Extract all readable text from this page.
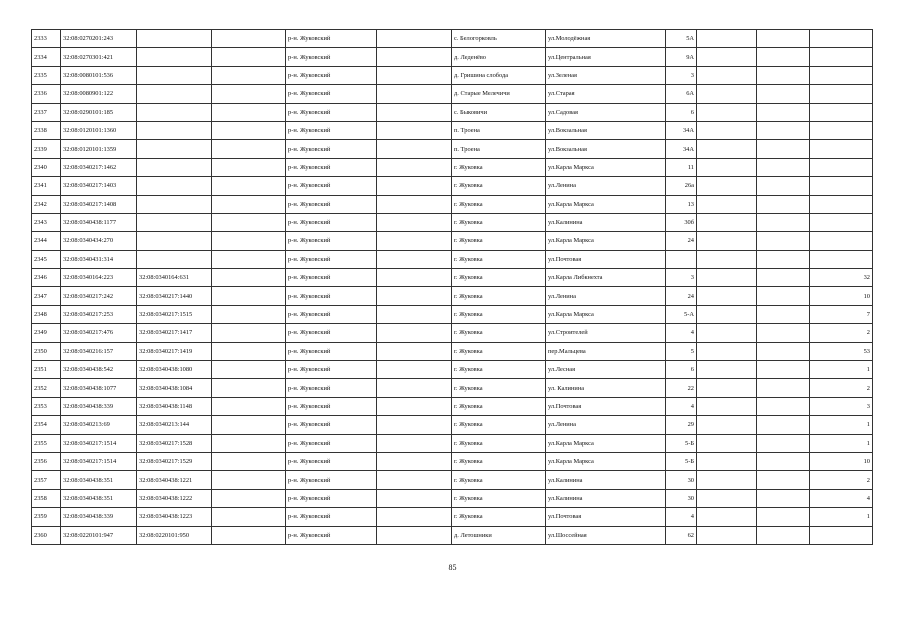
2333	32:08:0270201:243			р-н. Жуковский		с. Белогорковль	ул.Молодёжная	5А			
2334	32:08:0270301:421			р-н. Жуковский		д. Леденёво	ул.Центральная	9А			
2335	32:08:0080101:536			р-н. Жуковский		д. Гришина слобода	ул.Зеленая	3			
2336	32:08:0080901:122			р-н. Жуковский		д. Старые Мелечичи	ул.Старая	6А			
2337	32:08:0290101:185			р-н. Жуковский		с. Быковичи	ул.Садовая	6			
2338	32:08:0120101:1360			р-н. Жуковский		п. Троена	ул.Вокзальная	34А			
2339	32:08:0120101:1359			р-н. Жуковский		п. Троена	ул.Вокзальная	34А			
2340	32:08:0340217:1462			р-н. Жуковский		г. Жуковка	ул.Карла Маркса	11			
2341	32:08:0340217:1403			р-н. Жуковский		г. Жуковка	ул.Ленина	26а			
2342	32:08:0340217:1408			р-н. Жуковский		г. Жуковка	ул.Карла Маркса	13			
2343	32:08:0340438:1177			р-н. Жуковский		г. Жуковка	ул.Калинина	30б			
2344	32:08:0340434:270			р-н. Жуковский		г. Жуковка	ул.Карла Маркса	24			
2345	32:08:0340431:314			р-н. Жуковский		г. Жуковка	ул.Почтовая				
2346	32:08:0340164:223	32:08:0340164:631		р-н. Жуковский		г. Жуковка	ул.Карла Либкнехта	3			32
2347	32:08:0340217:242	32:08:0340217:1440		р-н. Жуковский		г. Жуковка	ул.Ленина	24			10
2348	32:08:0340217:253	32:08:0340217:1515		р-н. Жуковский		г. Жуковка	ул.Карла Маркса	5-А			7
2349	32:08:0340217:476	32:08:0340217:1417		р-н. Жуковский		г. Жуковка	ул.Строителей	4			2
2350	32:08:0340216:157	32:08:0340217:1419		р-н. Жуковский		г. Жуковка	пер.Мальцева	5			53
2351	32:08:0340438:542	32:08:0340438:1080		р-н. Жуковский		г. Жуковка	ул.Лесная	6			1
2352	32:08:0340438:1077	32:08:0340438:1084		р-н. Жуковский		г. Жуковка	ул. Калинина	22			2
2353	32:08:0340438:339	32:08:0340438:1148		р-н. Жуковский		г. Жуковка	ул.Почтовая	4			3
2354	32:08:0340213:69	32:08:0340213:144		р-н. Жуковский		г. Жуковка	ул.Ленина	29			1
2355	32:08:0340217:1514	32:08:0340217:1528		р-н. Жуковский		г. Жуковка	ул.Карла Маркса	5-Б			1
2356	32:08:0340217:1514	32:08:0340217:1529		р-н. Жуковский		г. Жуковка	ул.Карла Маркса	5-Б			10
2357	32:08:0340438:351	32:08:0340438:1221		р-н. Жуковский		г. Жуковка	ул.Калинина	30			2
2358	32:08:0340438:351	32:08:0340438:1222		р-н. Жуковский		г. Жуковка	ул.Калинина	30			4
2359	32:08:0340438:339	32:08:0340438:1223		р-н. Жуковский		г. Жуковка	ул.Почтовая	4			1
2360	32:08:0220101:947	32:08:0220101:950		р-н. Жуковский		д. Летошники	ул.Шоссейная	62			
85
